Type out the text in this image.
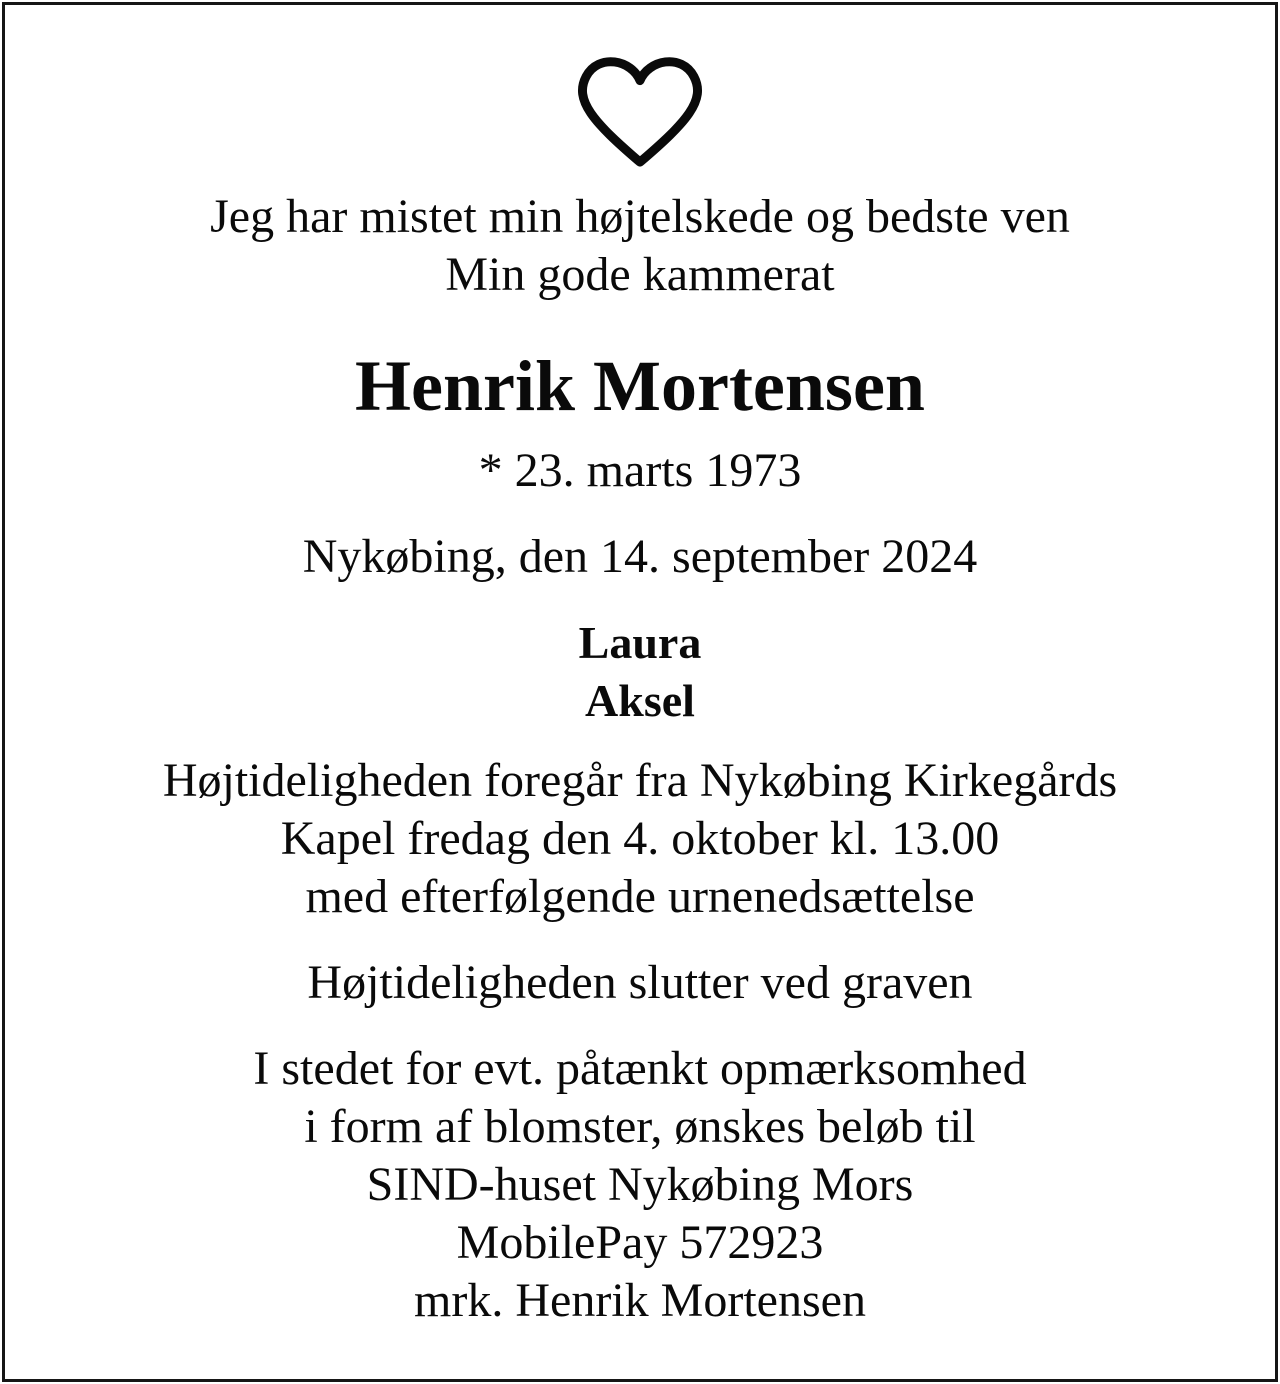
Jeg har mistet min højtelskede og bedste ven
Min gode kammerat
Henrik Mortensen
* 23. marts 1973
Nykøbing, den 14. september 2024
Laura
Aksel
Højtideligheden foregår fra Nykøbing Kirkegårds
Kapel fredag den 4. oktober kl. 13.00
med efterfølgende urnenedsættelse
Højtideligheden slutter ved graven
I stedet for evt. påtænkt opmærksomhed
i form af blomster, ønskes beløb til
SIND-huset Nykøbing Mors
MobilePay 572923
mrk. Henrik Mortensen
